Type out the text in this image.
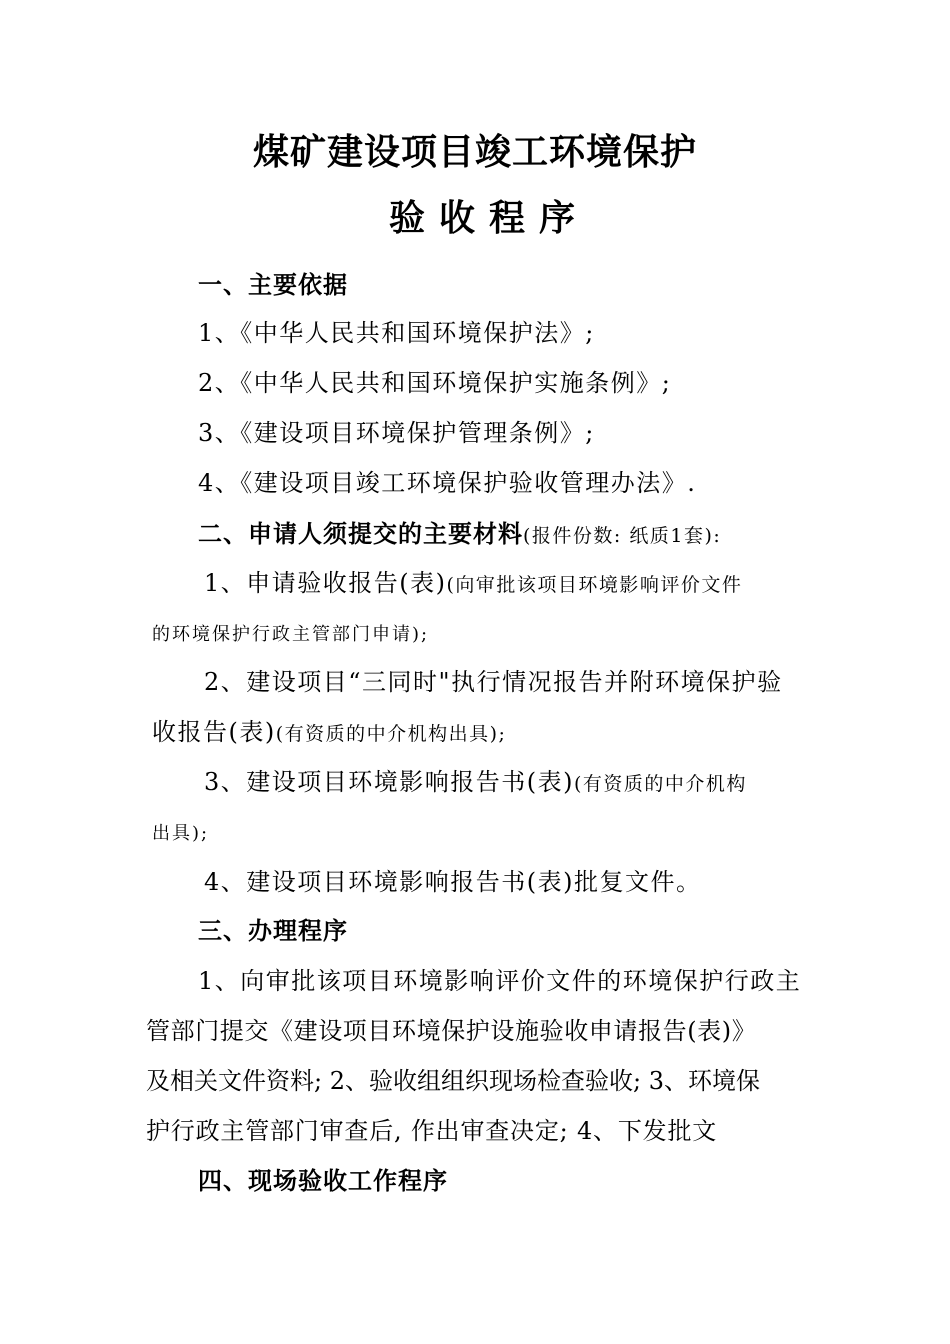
煤矿建设项目竣工环境保护
验收程序
一、主要依据
1、《中华人民共和国环境保护法》;
2、《中华人民共和国环境保护实施条例》;
3、《建设项目环境保护管理条例》;
4、《建设项目竣工环境保护验收管理办法》.
二、申请人须提交的主要材料(报件份数: 纸质1套):
1、申请验收报告(表)(向审批该项目环境影响评价文件
的环境保护行政主管部门申请);
2、建设项目“三同时"执行情况报告并附环境保护验
收报告(表)(有资质的中介机构出具);
3、建设项目环境影响报告书(表)(有资质的中介机构
出具);
4、建设项目环境影响报告书(表)批复文件。
三、办理程序
1、向审批该项目环境影响评价文件的环境保护行政主
管部门提交《建设项目环境保护设施验收申请报告(表)》
及相关文件资料; 2、验收组组织现场检查验收; 3、环境保
护行政主管部门审查后, 作出审查决定; 4、下发批文
四、现场验收工作程序
